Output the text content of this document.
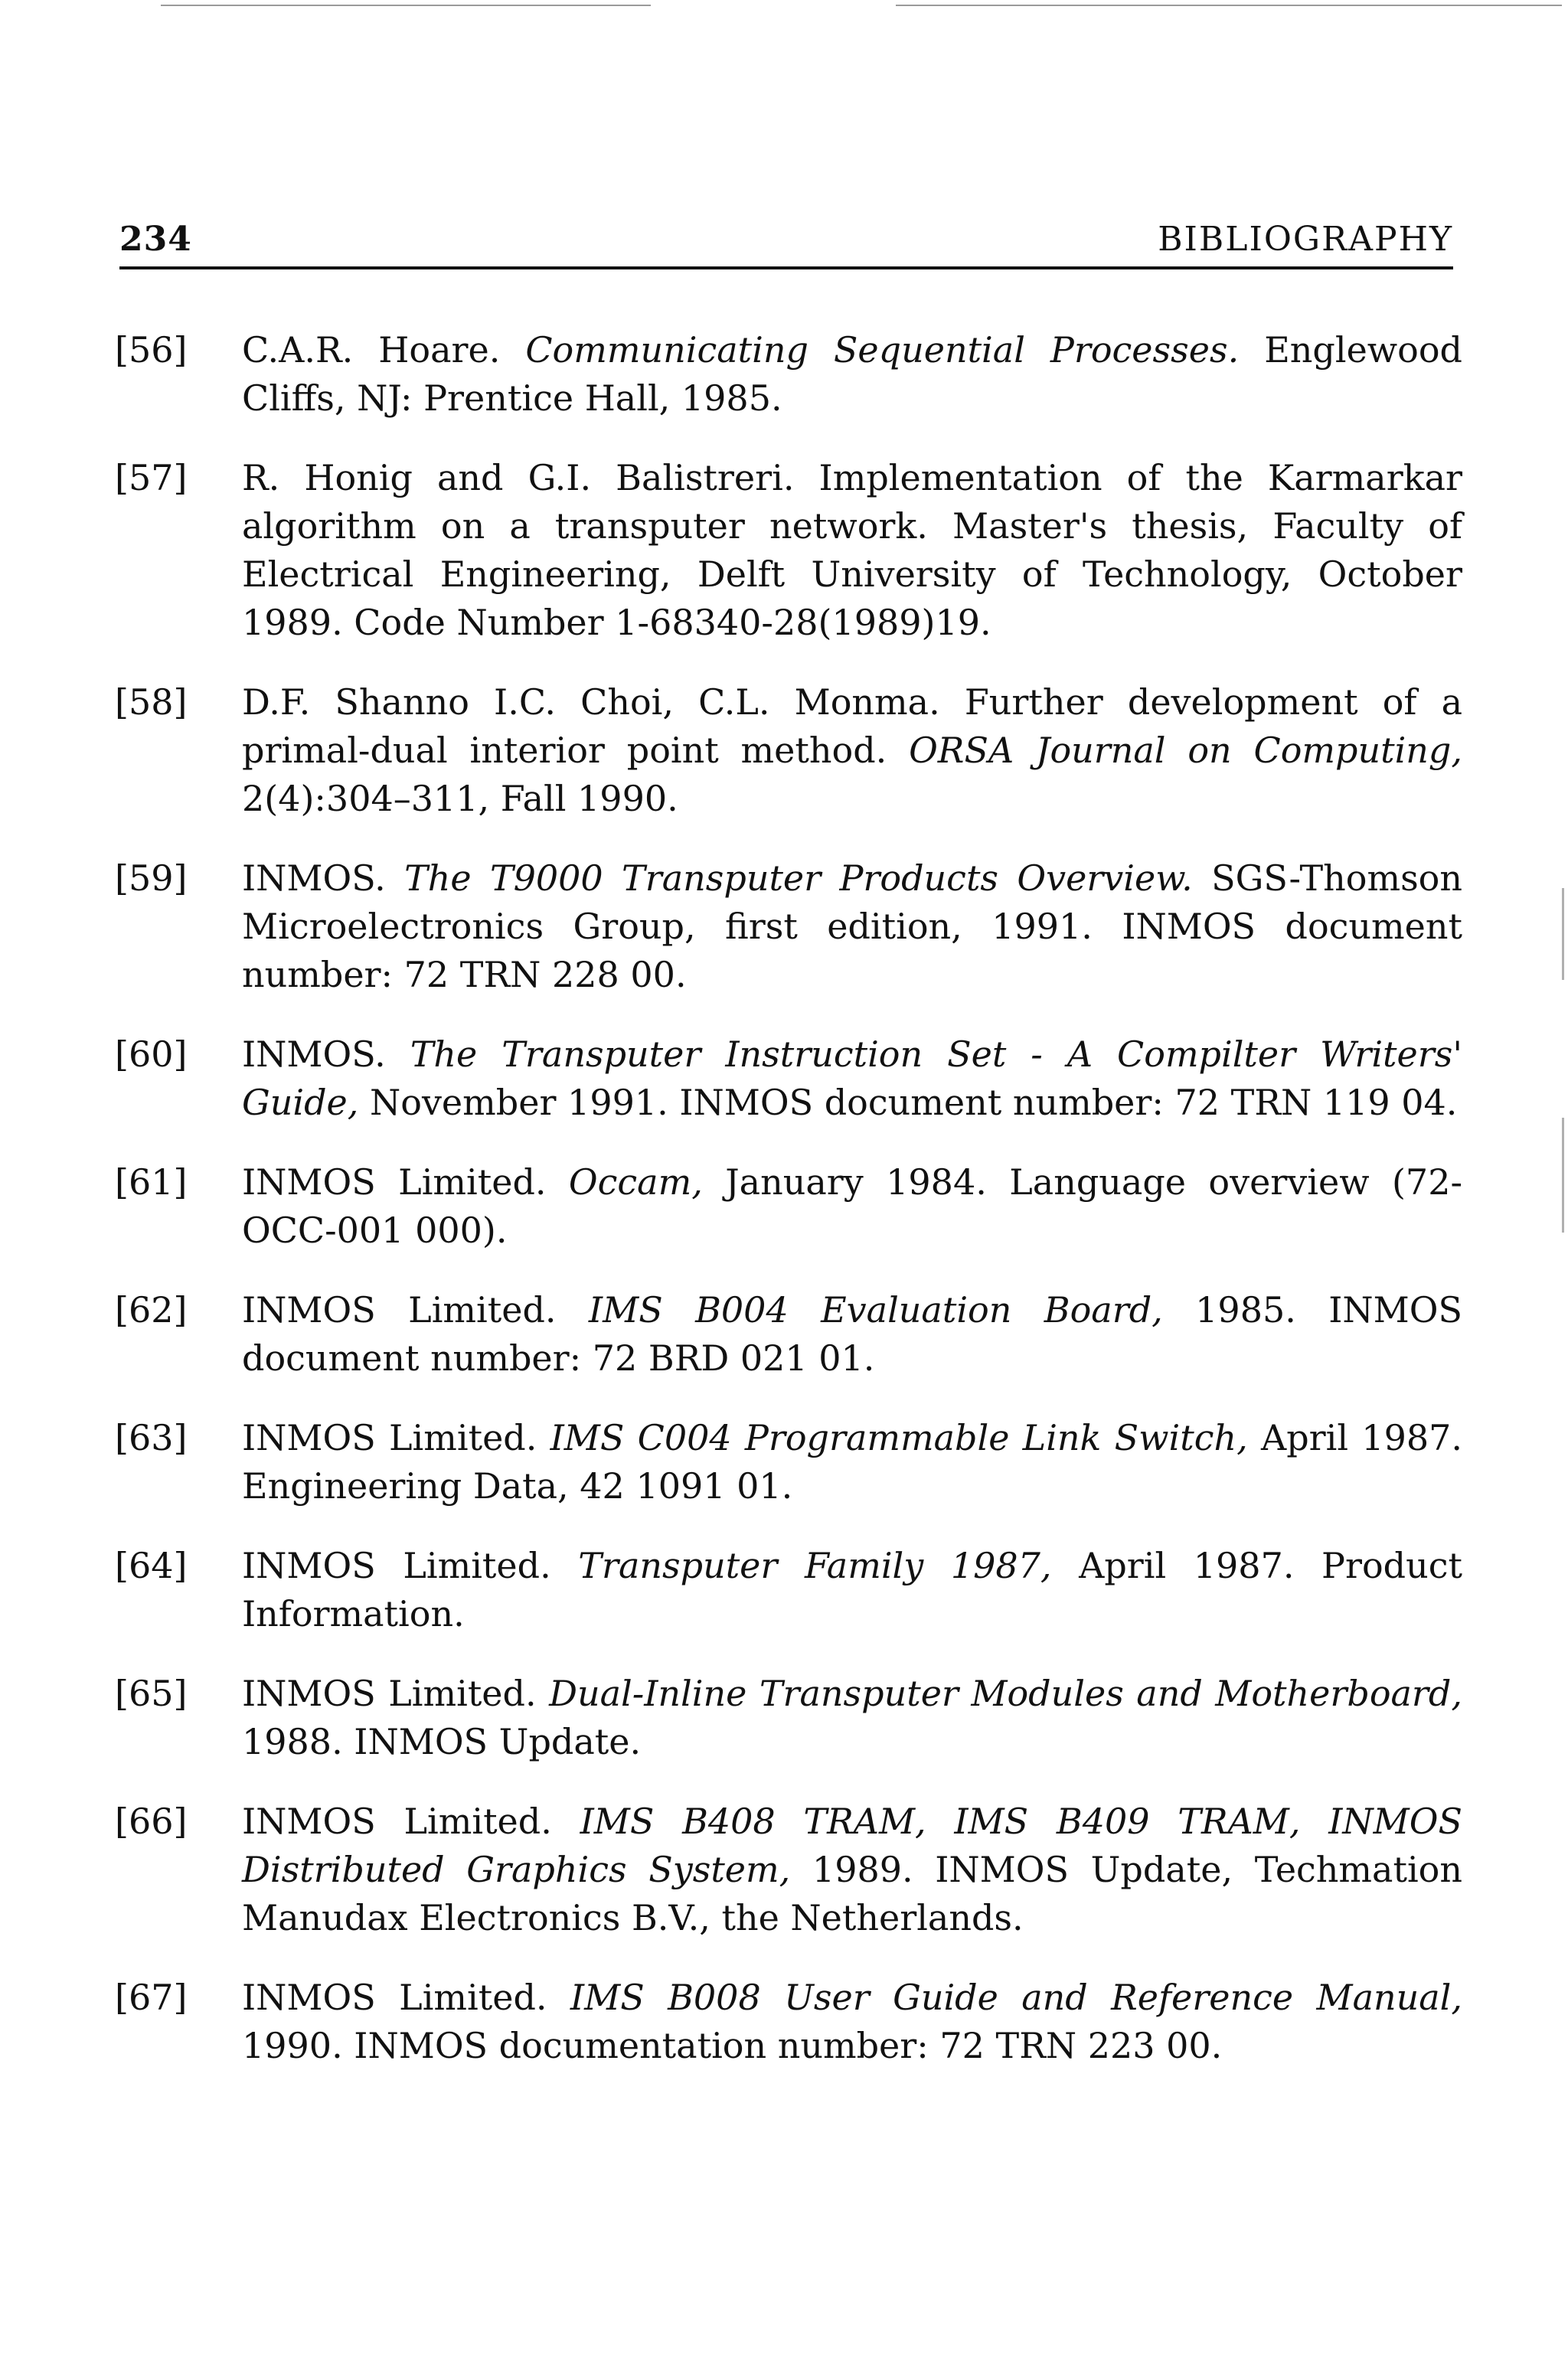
234	BIBLIOGRAPHY
[56] C.A.R. Hoare. Communicating Sequential Processes. Englewood Cliffs, NJ: Prentice Hall, 1985.
[57] R. Honig and G.I. Balistreri. Implementation of the Karmarkar algorithm on a transputer network. Master's thesis, Faculty of Electrical Engineering, Delft University of Technology, October 1989. Code Number 1-68340-28(1989)19.
[58] D.F. Shanno I.C. Choi, C.L. Monma. Further development of a primal-dual interior point method. ORSA Journal on Computing, 2(4):304–311, Fall 1990.
[59] INMOS. The T9000 Transputer Products Overview. SGS-Thomson Microelectronics Group, first edition, 1991. INMOS document number: 72 TRN 228 00.
[60] INMOS. The Transputer Instruction Set - A Compilter Writers' Guide, November 1991. INMOS document number: 72 TRN 119 04.
[61] INMOS Limited. Occam, January 1984. Language overview (72-OCC-001 000).
[62] INMOS Limited. IMS B004 Evaluation Board, 1985. INMOS document number: 72 BRD 021 01.
[63] INMOS Limited. IMS C004 Programmable Link Switch, April 1987. Engineering Data, 42 1091 01.
[64] INMOS Limited. Transputer Family 1987, April 1987. Product Information.
[65] INMOS Limited. Dual-Inline Transputer Modules and Motherboard, 1988. INMOS Update.
[66] INMOS Limited. IMS B408 TRAM, IMS B409 TRAM, INMOS Distributed Graphics System, 1989. INMOS Update, Techmation Manudax Electronics B.V., the Netherlands.
[67] INMOS Limited. IMS B008 User Guide and Reference Manual, 1990. INMOS documentation number: 72 TRN 223 00.
